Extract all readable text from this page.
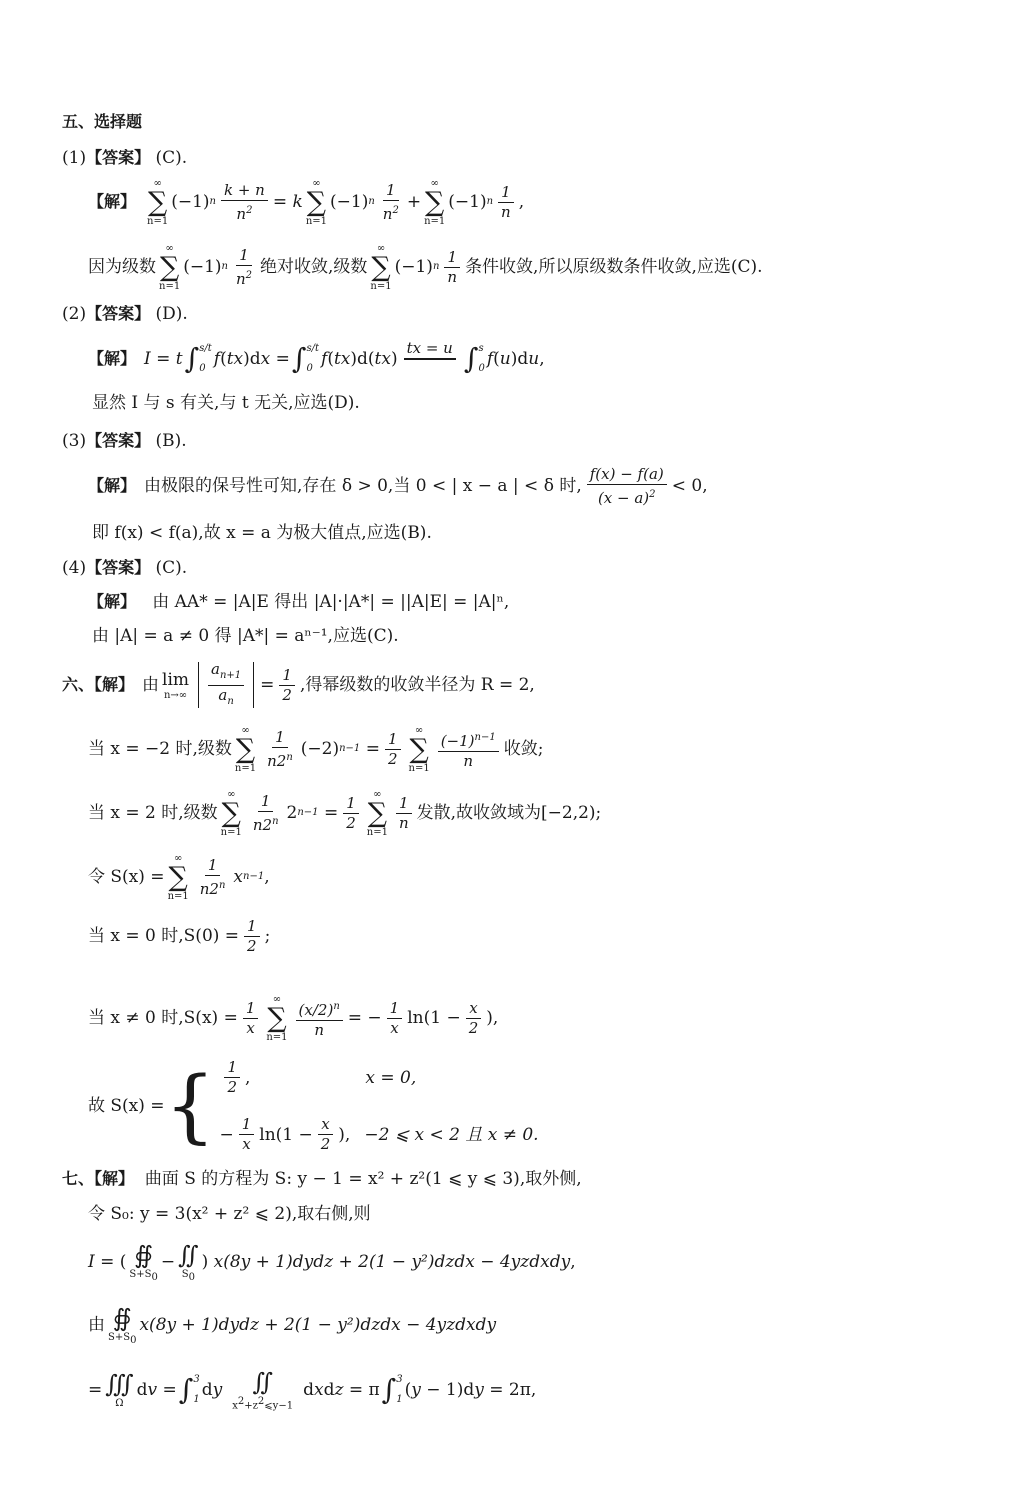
五、选择题
(1)【答案】 (C).
【解】
∞
∑
n=1
(−1) n $\frac{k + n}{n^2} = k$
∞
∑
n=1
(−1) n $\frac{1}{n^2}$ +
∞
∑
n=1
(−1) n $\frac{1}{n}$ ,
因为级数
∞
∑
n=1
(−1) n $\frac{1}{n^2}$ 绝对收敛,级数
∞
∑
n=1
(−1) n $\frac{1}{n}$ 条件收敛,所以原级数条件收敛,应选(C).
(2)【答案】 (D).
【解】 I = t ∫ s/t
0 f ( tx )d x = ∫ s/t
0 f ( tx )d( tx )
tx = u
∫ s
0 f ( u )d u ,
显然 I 与 s 有关,与 t 无关,应选(D).
(3)【答案】 (B).
【解】 由极限的保号性可知,存在 δ > 0,当 0 < | x − a | < δ 时, $\frac{f(x) - f(a)}{(x - a)^2} < 0$,
即 f(x) < f(a),故 x = a 为极大值点,应选(B).
(4)【答案】 (C).
【解】 由 AA* = |A|E 得出 |A|·|A*| = ||A|E| = |A|ⁿ,
由 |A| = a ≠ 0 得 |A*| = aⁿ⁻¹,应选(C).
六、【解】 由 lim
$n\to\infty \frac{a_{n+1}}{a_n} = \frac{1}{2}$ ,得幂级数的收敛半径为 R = 2,
当 x = −2 时,级数
∞
∑
$n=1 \frac{1}{n2^n} (-2)$ n−1
= $\frac{1}{2}$ ∞
∑
$n=1 \frac{(-1)^{n-1}}{n}$ 收敛;
当 x = 2 时,级数
∞
∑
$n=1 \frac{1}{n2^n} 2$ n−1
= $\frac{1}{2}$ ∞
∑
$n=1 \frac{1}{n}$ 发散,故收敛域为[−2,2);
令 S(x) =
∞
∑
$n=1 \frac{1}{n2^n}$ x n−1 ,
当 x = 0 时$,S(0) = \frac{1}{2}$ ;
当 x ≠ 0 时$,S(x) = \frac{1}{x}$ ∞
∑
$n=1 \frac{(x/2)^n}{n}$ = − $\frac{1}{x} \ln(1 - \frac{x}{2}$ ),
故 S(x) = { $\frac{1}{2}$ ,	x = 0,
− $\frac{1}{x} \ln(1 - \frac{x}{2}$ ), −2 ⩽ x < 2 且 x ≠ 0.
七、【解】 曲面 S 的方程为 S: y − 1 = x² + z²(1 ⩽ y ⩽ 3),取外侧,
令 S₀: y = 3(x² + z² ⩽ 2),取右侧,则
I = ( ∯
$S+S_0$
− ∬
$S_0$
) x(8y + 1)dydz + 2(1 − y²)dzdx − 4yzdxdy ,
由 ∯
$S+S_0$
x(8y + 1)dydz + 2(1 − y²)dzdx − 4yzdxdy
= ∭
Ω
d v = ∫ 3
1 d y ∬
$x^2+z^2⩽y-1$
d x d z = π ∫ 3
1 ( y − 1)d y = 2π,
